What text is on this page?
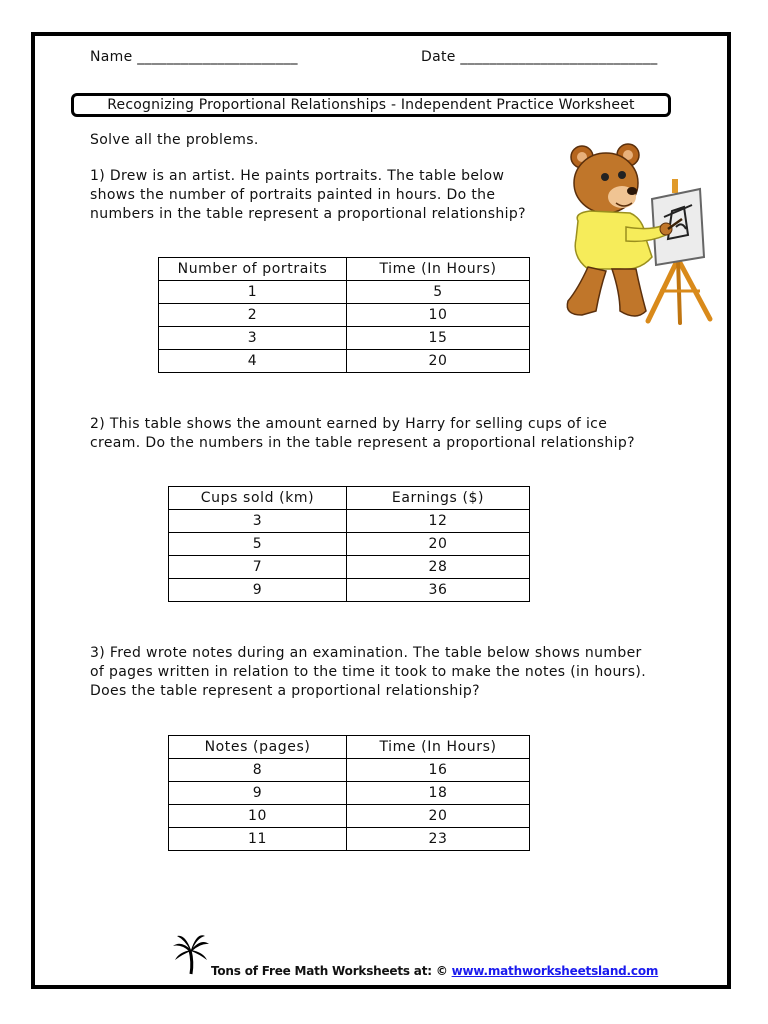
Name ______________________	Date ___________________________
Recognizing Proportional Relationships - Independent Practice Worksheet

Solve all the problems.

1) Drew is an artist. He paints portraits. The table below

shows the number of portraits painted in hours. Do the

numbers in the table represent a proportional relationship?

Number of portraits	Time (In Hours)
1	5
2	10
3	15
4	20

2) This table shows the amount earned by Harry for selling cups of ice

cream. Do the numbers in the table represent a proportional relationship?

Cups sold (km)	Earnings ($)
3	12
5	20
7	28
9	36

3) Fred wrote notes during an examination. The table below shows number

of pages written in relation to the time it took to make the notes (in hours).

Does the table represent a proportional relationship?

Notes (pages)	Time (In Hours)
8	16
9	18
10	20
11	23
Tons of Free Math Worksheets at: © www.mathworksheetsland.com
